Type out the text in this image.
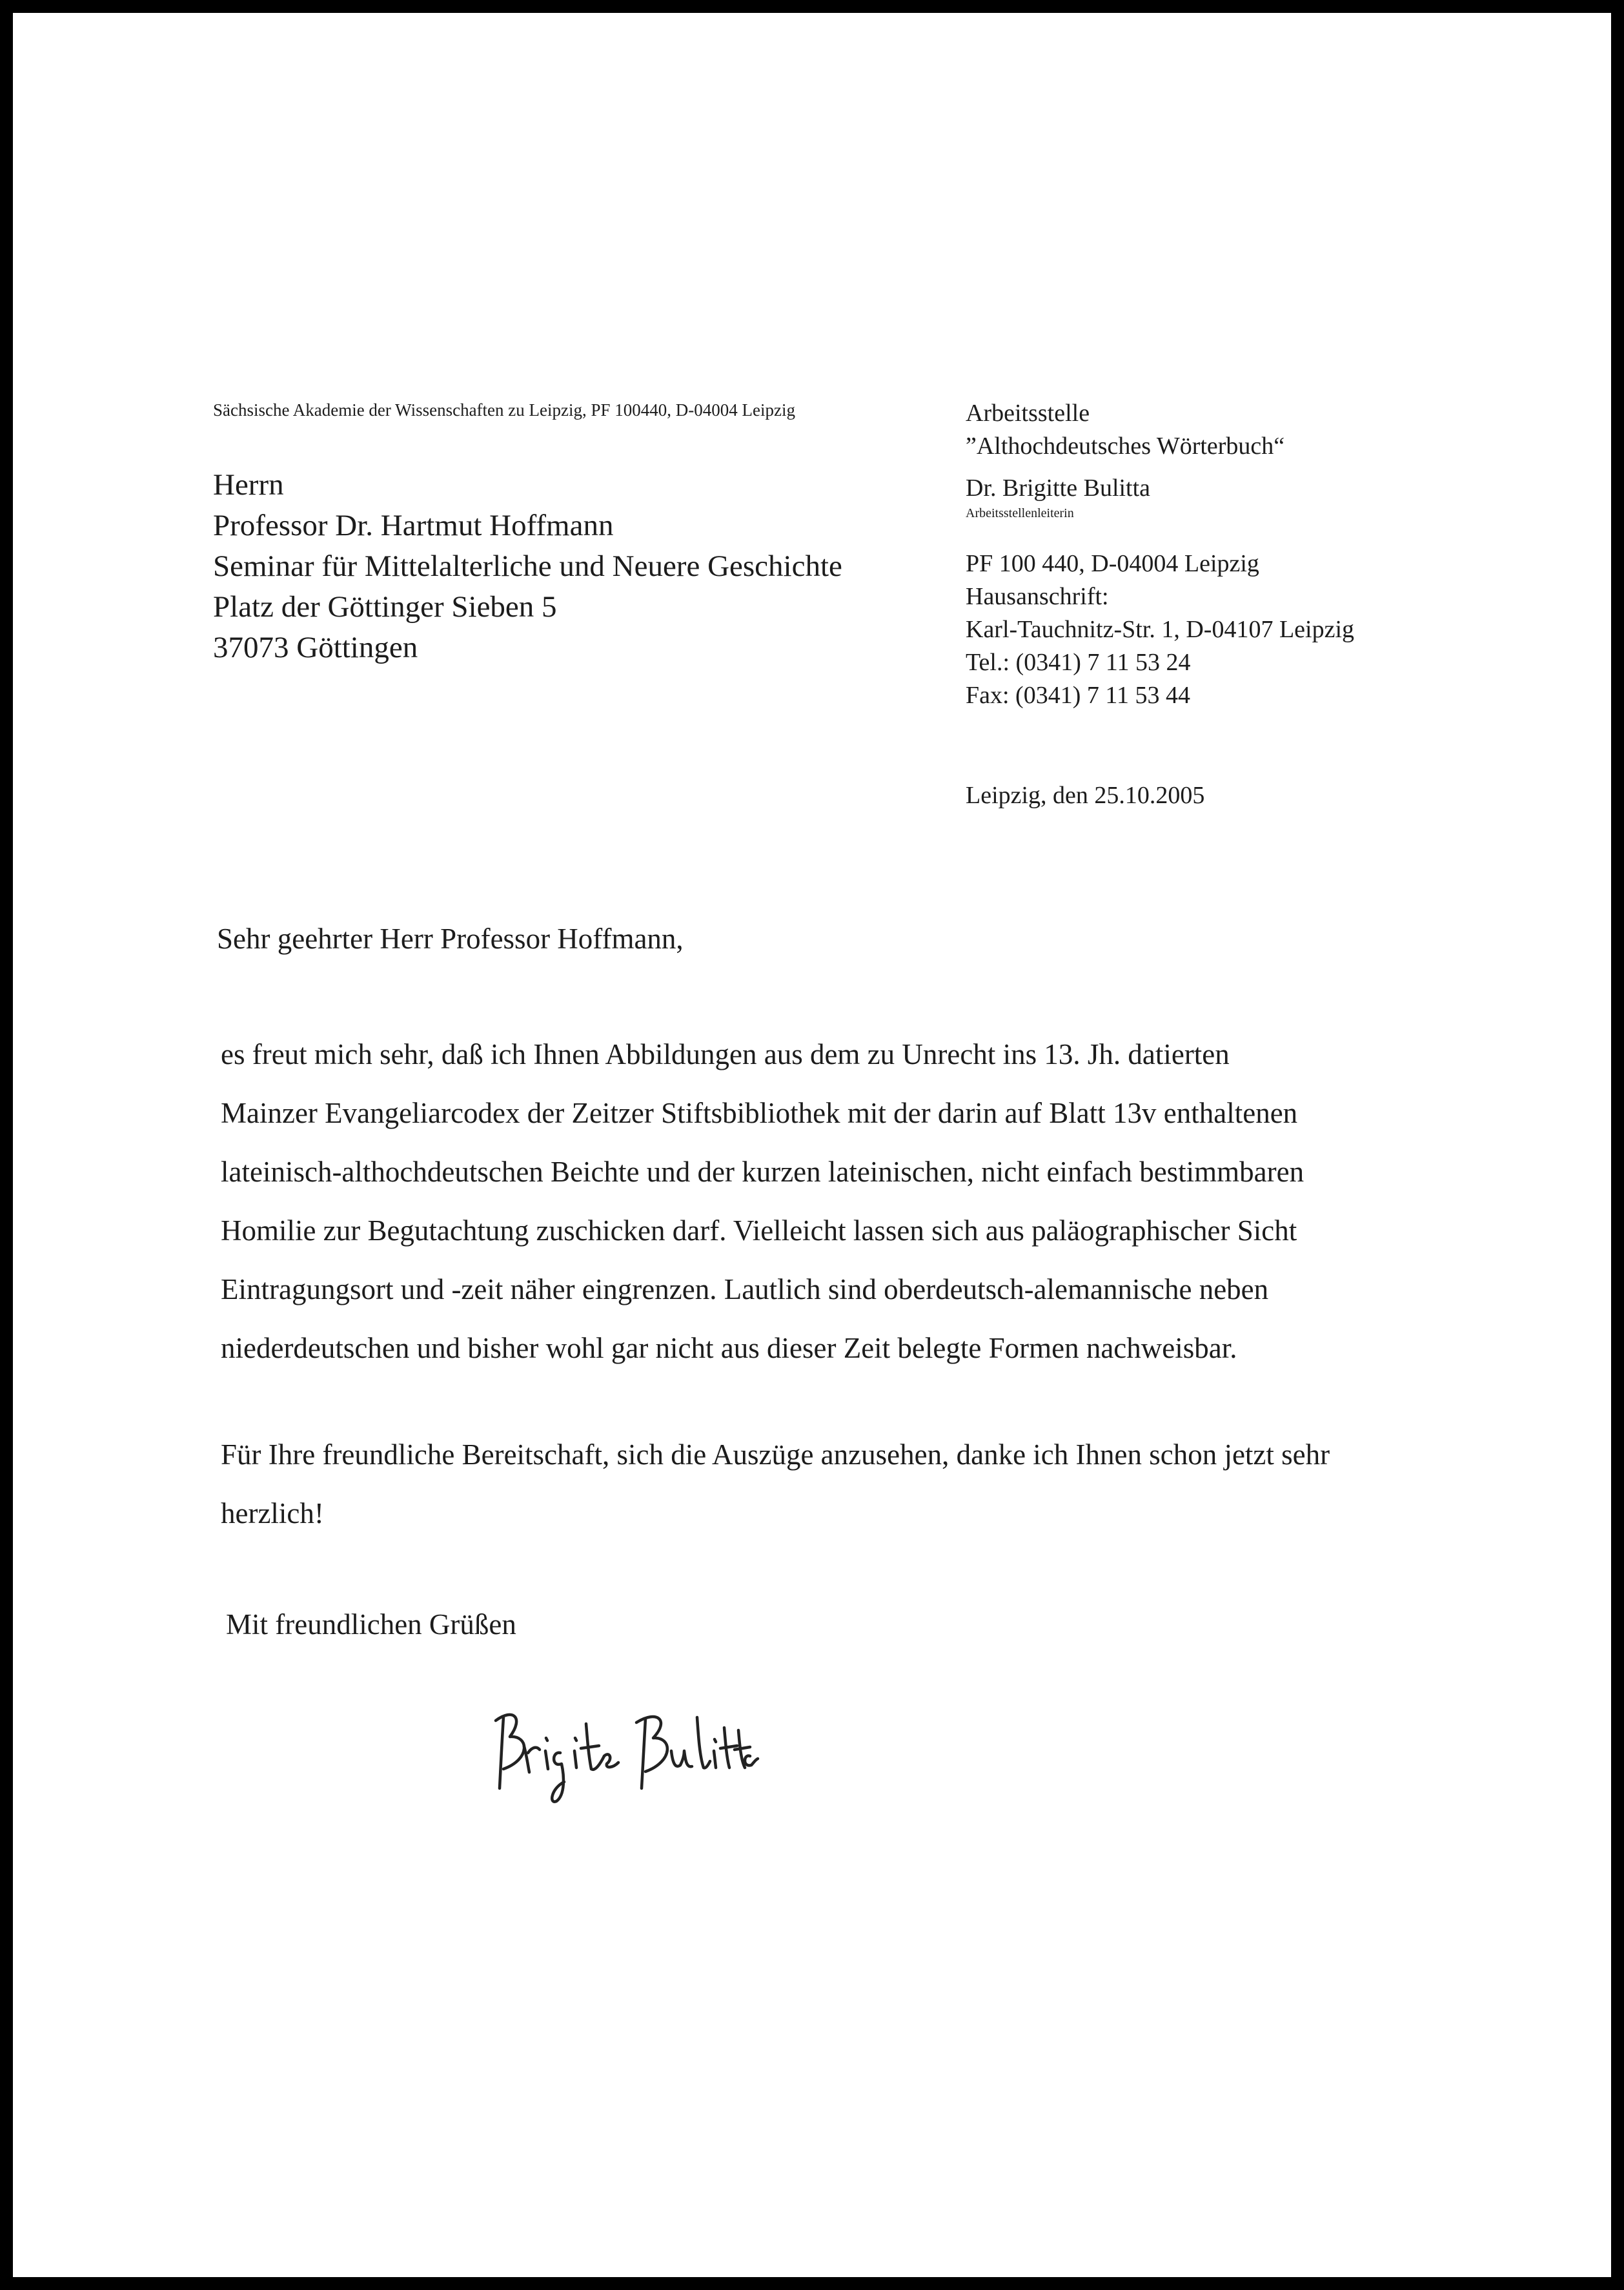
Sächsische Akademie der Wissenschaften zu Leipzig, PF 100440, D-04004 Leipzig
Herrn
Professor Dr. Hartmut Hoffmann
Seminar für Mittelalterliche und Neuere Geschichte
Platz der Göttinger Sieben 5
37073 Göttingen
Arbeitsstelle
”Althochdeutsches Wörterbuch“
Dr. Brigitte Bulitta
Arbeitsstellenleiterin
PF 100 440, D-04004 Leipzig
Hausanschrift:
Karl-Tauchnitz-Str. 1, D-04107 Leipzig
Tel.: (0341) 7 11 53 24
Fax: (0341) 7 11 53 44
Leipzig, den 25.10.2005
Sehr geehrter Herr Professor Hoffmann,
es freut mich sehr, daß ich Ihnen Abbildungen aus dem zu Unrecht ins 13. Jh. datierten
Mainzer Evangeliarcodex der Zeitzer Stiftsbibliothek mit der darin auf Blatt 13v enthaltenen
lateinisch-althochdeutschen Beichte und der kurzen lateinischen, nicht einfach bestimmbaren
Homilie zur Begutachtung zuschicken darf. Vielleicht lassen sich aus paläographischer Sicht
Eintragungsort und -zeit näher eingrenzen. Lautlich sind oberdeutsch-alemannische neben
niederdeutschen und bisher wohl gar nicht aus dieser Zeit belegte Formen nachweisbar.
Für Ihre freundliche Bereitschaft, sich die Auszüge anzusehen, danke ich Ihnen schon jetzt sehr
herzlich!
Mit freundlichen Grüßen
